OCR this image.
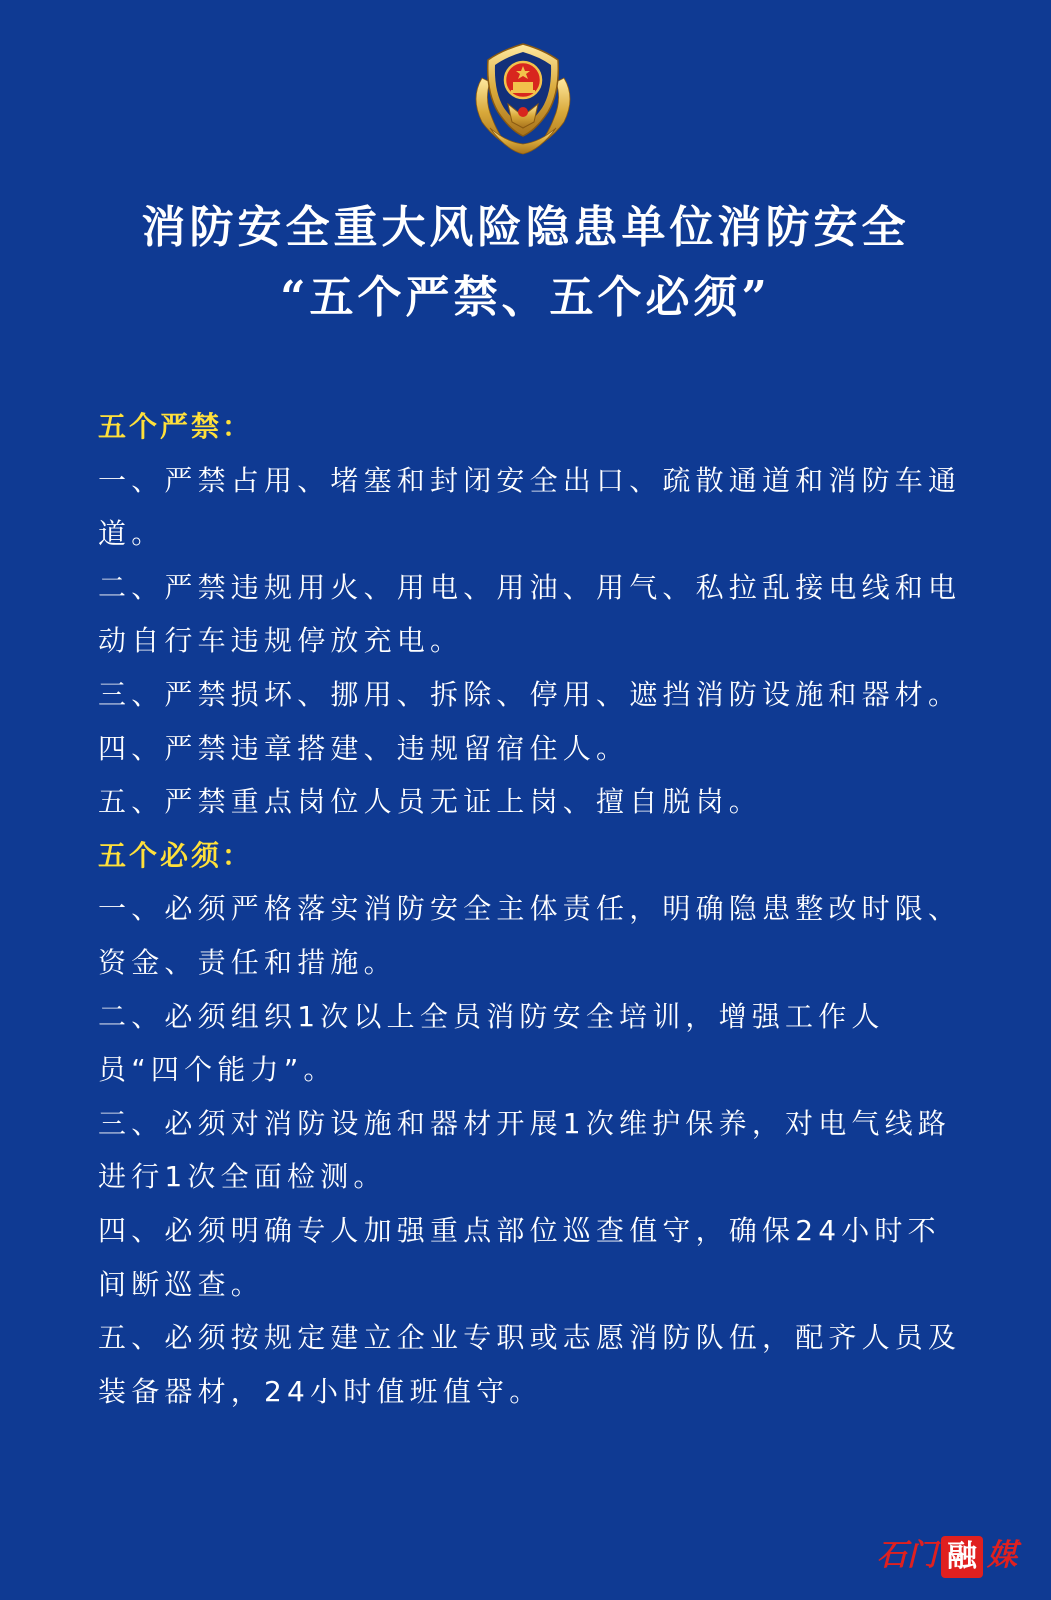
消防安全重大风险隐患单位消防安全
“五个严禁、五个必须”
五个严禁：

一、严禁占用、堵塞和封闭安全出口、疏散通道和消防车通道。

二、严禁违规用火、用电、用油、用气、私拉乱接电线和电动自行车违规停放充电。

三、严禁损坏、挪用、拆除、停用、遮挡消防设施和器材。

四、严禁违章搭建、违规留宿住人。

五、严禁重点岗位人员无证上岗、擅自脱岗。

五个必须：

一、必须严格落实消防安全主体责任，明确隐患整改时限、资金、责任和措施。

二、必须组织1次以上全员消防安全培训，增强工作人员“四个能力”。

三、必须对消防设施和器材开展1次维护保养，对电气线路进行1次全面检测。

四、必须明确专人加强重点部位巡查值守，确保24小时不间断巡查。

五、必须按规定建立企业专职或志愿消防队伍，配齐人员及装备器材，24小时值班值守。

石门 融 媒
